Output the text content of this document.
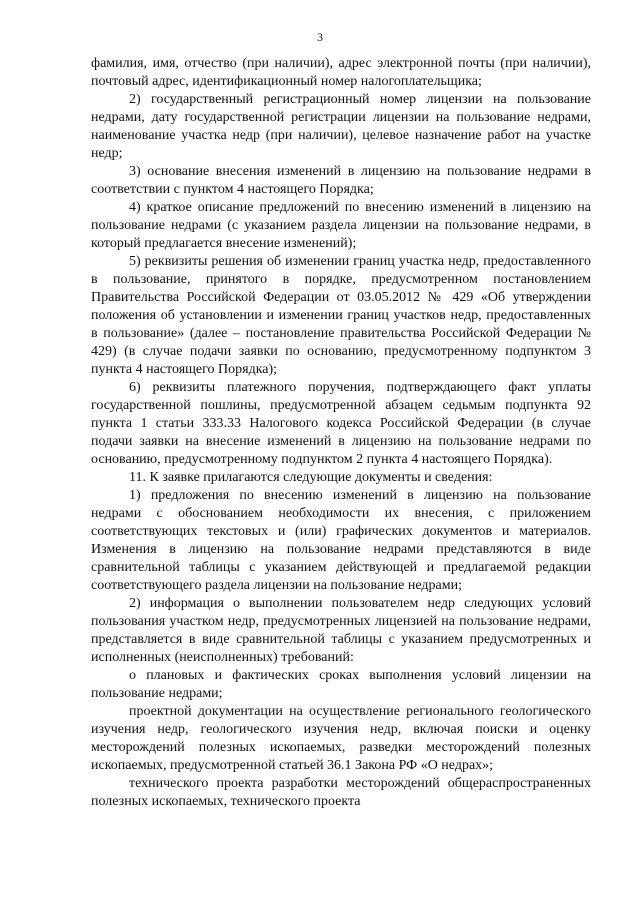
3

фамилия, имя, отчество (при наличии), адрес электронной почты (при наличии), почтовый адрес, идентификационный номер налогоплательщика;

2) государственный регистрационный номер лицензии на пользование недрами, дату государственной регистрации лицензии на пользование недрами, наименование участка недр (при наличии), целевое назначение работ на участке недр;

3) основание внесения изменений в лицензию на пользование недрами в соответствии с пунктом 4 настоящего Порядка;

4) краткое описание предложений по внесению изменений в лицензию на пользование недрами (с указанием раздела лицензии на пользование недрами, в который предлагается внесение изменений);

5) реквизиты решения об изменении границ участка недр, предоставленного в пользование, принятого в порядке, предусмотренном постановлением Правительства Российской Федерации от 03.05.2012 № 429 «Об утверждении положения об установлении и изменении границ участков недр, предоставленных в пользование» (далее – постановление правительства Российской Федерации № 429) (в случае подачи заявки по основанию, предусмотренному подпунктом 3 пункта 4 настоящего Порядка);

6) реквизиты платежного поручения, подтверждающего факт уплаты государственной пошлины, предусмотренной абзацем седьмым подпункта 92 пункта 1 статьи 333.33 Налогового кодекса Российской Федерации (в случае подачи заявки на внесение изменений в лицензию на пользование недрами по основанию, предусмотренному подпунктом 2 пункта 4 настоящего Порядка).

11. К заявке прилагаются следующие документы и сведения:

1) предложения по внесению изменений в лицензию на пользование недрами с обоснованием необходимости их внесения, с приложением соответствующих текстовых и (или) графических документов и материалов. Изменения в лицензию на пользование недрами представляются в виде сравнительной таблицы с указанием действующей и предлагаемой редакции соответствующего раздела лицензии на пользование недрами;

2) информация о выполнении пользователем недр следующих условий пользования участком недр, предусмотренных лицензией на пользование недрами, представляется в виде сравнительной таблицы с указанием предусмотренных и исполненных (неисполненных) требований:

о плановых и фактических сроках выполнения условий лицензии на пользование недрами;

проектной документации на осуществление регионального геологического изучения недр, геологического изучения недр, включая поиски и оценку месторождений полезных ископаемых, разведки месторождений полезных ископаемых, предусмотренной статьей 36.1 Закона РФ «О недрах»;

технического проекта разработки месторождений общераспространенных полезных ископаемых, технического проекта
